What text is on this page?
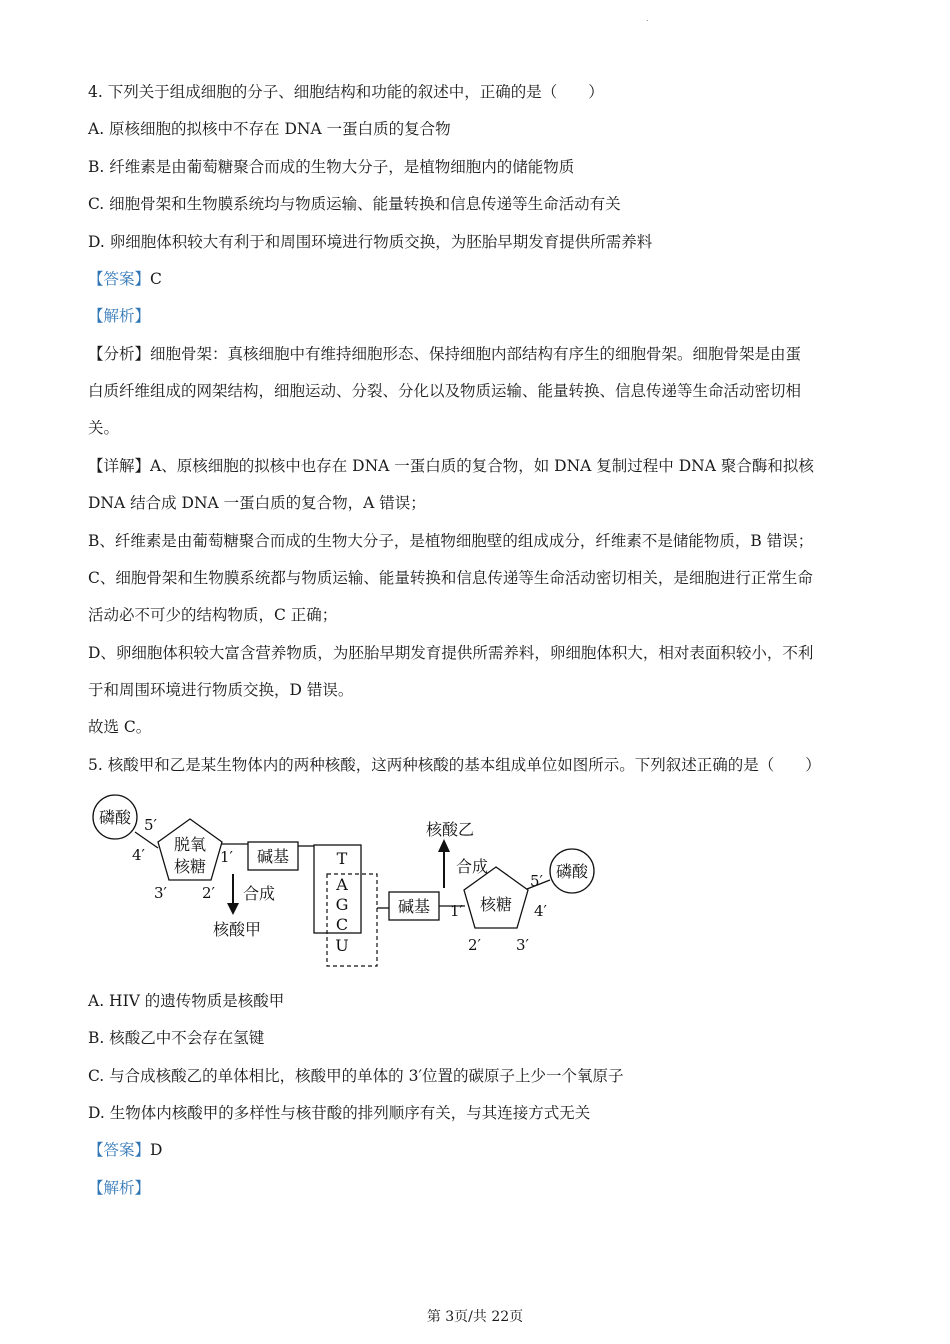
.
4. 下列关于组成细胞的分子、细胞结构和功能的叙述中，正确的是（　　）
A. 原核细胞的拟核中不存在 DNA 一蛋白质的复合物
B. 纤维素是由葡萄糖聚合而成的生物大分子，是植物细胞内的储能物质
C. 细胞骨架和生物膜系统均与物质运输、能量转换和信息传递等生命活动有关
D. 卵细胞体积较大有利于和周围环境进行物质交换，为胚胎早期发育提供所需养料
【答案】C
【解析】
【分析】细胞骨架：真核细胞中有维持细胞形态、保持细胞内部结构有序生的细胞骨架。细胞骨架是由蛋
白质纤维组成的网架结构，细胞运动、分裂、分化以及物质运输、能量转换、信息传递等生命活动密切相
关。
【详解】A、原核细胞的拟核中也存在 DNA 一蛋白质的复合物，如 DNA 复制过程中 DNA 聚合酶和拟核
DNA 结合成 DNA 一蛋白质的复合物，A 错误；
B、纤维素是由葡萄糖聚合而成的生物大分子，是植物细胞壁的组成成分，纤维素不是储能物质，B 错误；
C、细胞骨架和生物膜系统都与物质运输、能量转换和信息传递等生命活动密切相关，是细胞进行正常生命
活动必不可少的结构物质，C 正确；
D、卵细胞体积较大富含营养物质，为胚胎早期发育提供所需养料，卵细胞体积大，相对表面积较小，不利
于和周围环境进行物质交换，D 错误。
故选 C。
5. 核酸甲和乙是某生物体内的两种核酸，这两种核酸的基本组成单位如图所示。下列叙述正确的是（　　）
磷酸 5′
4′
脱氧
核糖 1′
3′ 2′
碱基
合成
核酸甲
T
A
G
C
U
碱基
合成
核酸乙
核糖
1′
2′ 3′
4′
5′ 磷酸
A. HIV 的遗传物质是核酸甲
B. 核酸乙中不会存在氢键
C. 与合成核酸乙的单体相比，核酸甲的单体的 3′位置的碳原子上少一个氧原子
D. 生物体内核酸甲的多样性与核苷酸的排列顺序有关，与其连接方式无关
【答案】D
【解析】
第 3页/共 22页
